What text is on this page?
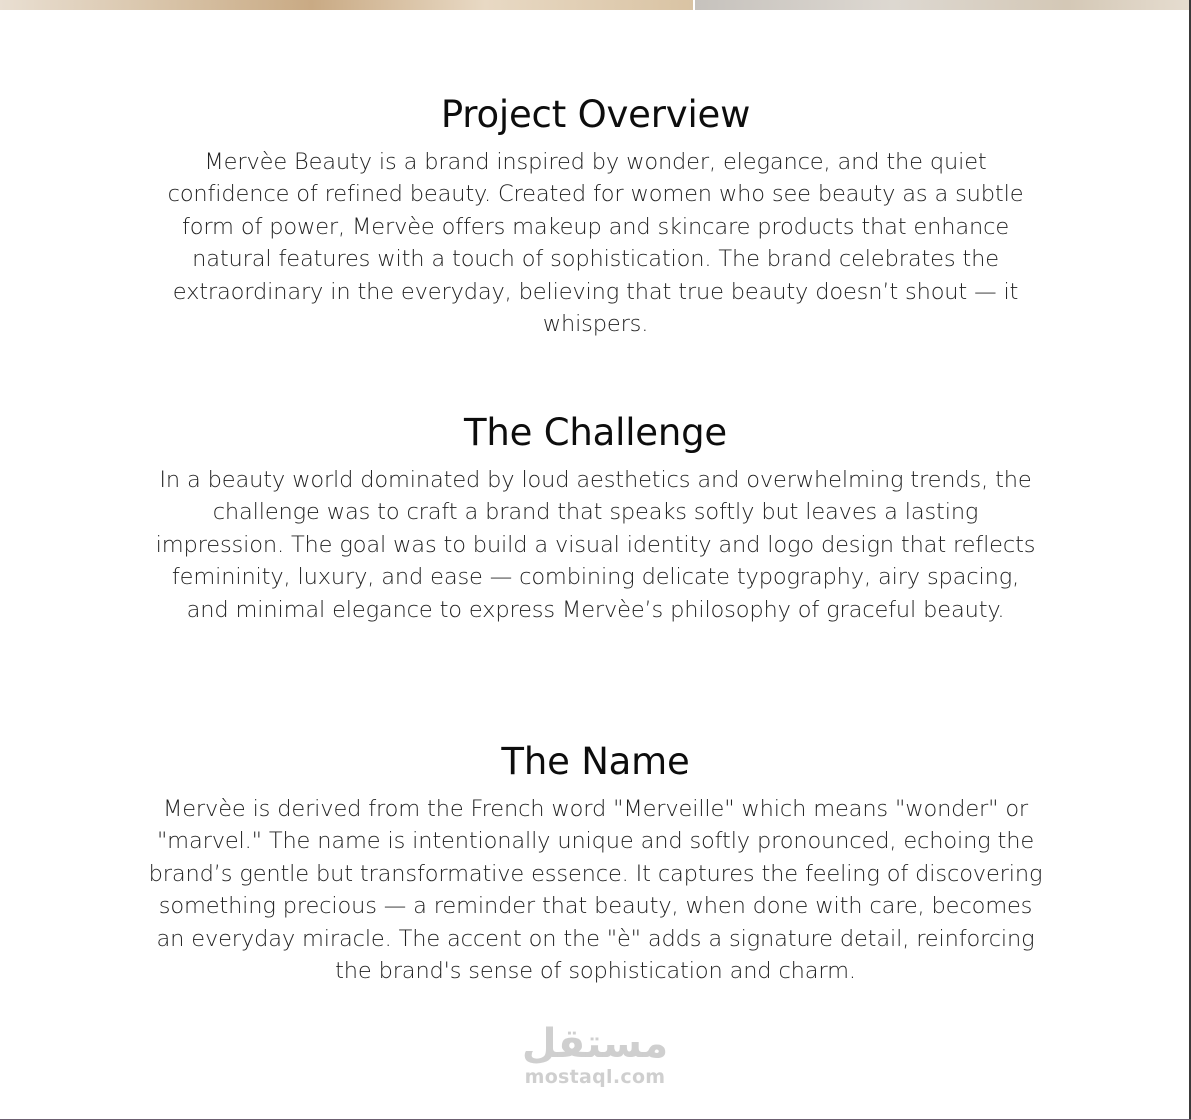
Project Overview

Mervèe Beauty is a brand inspired by wonder, elegance, and the quiet confidence of refined beauty. Created for women who see beauty as a subtle form of power, Mervèe offers makeup and skincare products that enhance natural features with a touch of sophistication. The brand celebrates the extraordinary in the everyday, believing that true beauty doesn’t shout — it whispers.

The Challenge

In a beauty world dominated by loud aesthetics and overwhelming trends, the challenge was to craft a brand that speaks softly but leaves a lasting impression. The goal was to build a visual identity and logo design that reflects femininity, luxury, and ease — combining delicate typography, airy spacing, and minimal elegance to express Mervèe’s philosophy of graceful beauty.

The Name

Mervèe is derived from the French word "Merveille" which means "wonder" or "marvel." The name is intentionally unique and softly pronounced, echoing the brand’s gentle but transformative essence. It captures the feeling of discovering something precious — a reminder that beauty, when done with care, becomes an everyday miracle. The accent on the "è" adds a signature detail, reinforcing the brand's sense of sophistication and charm.

مستقل
mostaql.com
